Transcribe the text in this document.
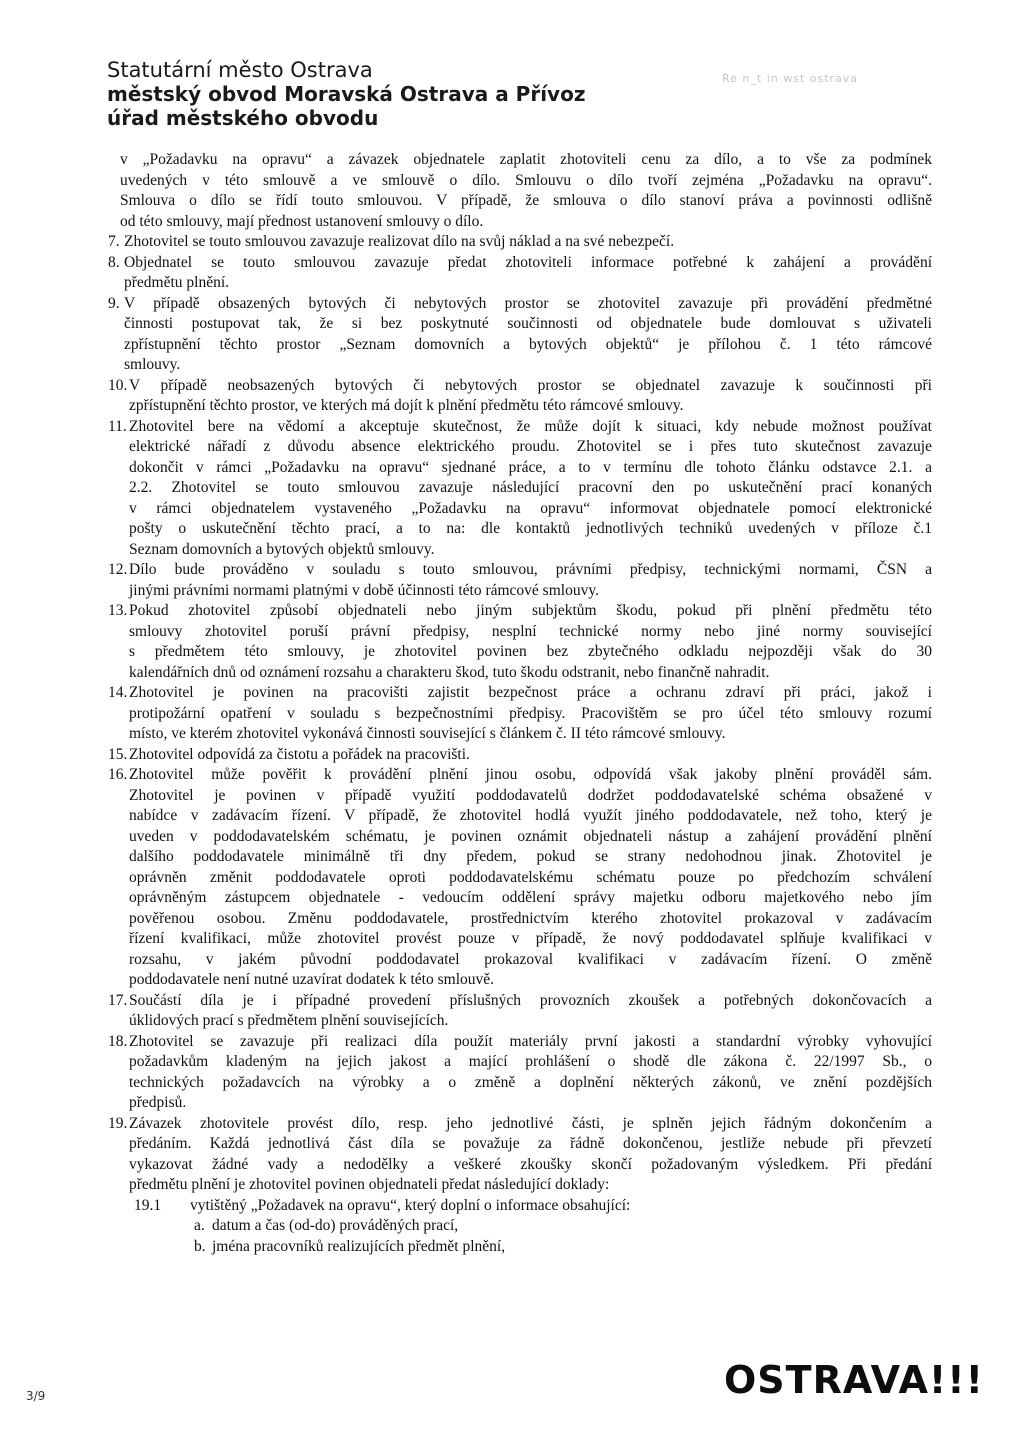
Statutární město Ostrava
městský obvod Moravská Ostrava a Přívoz
úřad městského obvodu
Re n_t in wst ostrava

v „Požadavku na opravu“ a závazek objednatele zaplatit zhotoviteli cenu za dílo, a to vše za podmínek

uvedených v této smlouvě a ve smlouvě o dílo. Smlouvu o dílo tvoří zejména „Požadavku na opravu“.

Smlouva o dílo se řídí touto smlouvou. V případě, že smlouva o dílo stanoví práva a povinnosti odlišně

od této smlouvy, mají přednost ustanovení smlouvy o dílo.

7. Zhotovitel se touto smlouvou zavazuje realizovat dílo na svůj náklad a na své nebezpečí.

8. Objednatel se touto smlouvou zavazuje předat zhotoviteli informace potřebné k zahájení a provádění

předmětu plnění.

9. V případě obsazených bytových či nebytových prostor se zhotovitel zavazuje při provádění předmětné

činnosti postupovat tak, že si bez poskytnuté součinnosti od objednatele bude domlouvat s uživateli

zpřístupnění těchto prostor „Seznam domovních a bytových objektů“ je přílohou č. 1 této rámcové

smlouvy.

10. V případě neobsazených bytových či nebytových prostor se objednatel zavazuje k součinnosti při

zpřístupnění těchto prostor, ve kterých má dojít k plnění předmětu této rámcové smlouvy.

11. Zhotovitel bere na vědomí a akceptuje skutečnost, že může dojít k situaci, kdy nebude možnost používat

elektrické nářadí z důvodu absence elektrického proudu. Zhotovitel se i přes tuto skutečnost zavazuje

dokončit v rámci „Požadavku na opravu“ sjednané práce, a to v termínu dle tohoto článku odstavce 2.1. a

2.2. Zhotovitel se touto smlouvou zavazuje následující pracovní den po uskutečnění prací konaných

v rámci objednatelem vystaveného „Požadavku na opravu“ informovat objednatele pomocí elektronické

pošty o uskutečnění těchto prací, a to na: dle kontaktů jednotlivých techniků uvedených v příloze č.1

Seznam domovních a bytových objektů smlouvy.

12. Dílo bude prováděno v souladu s touto smlouvou, právními předpisy, technickými normami, ČSN a

jinými právními normami platnými v době účinnosti této rámcové smlouvy.

13. Pokud zhotovitel způsobí objednateli nebo jiným subjektům škodu, pokud při plnění předmětu této

smlouvy zhotovitel poruší právní předpisy, nesplní technické normy nebo jiné normy související

s předmětem této smlouvy, je zhotovitel povinen bez zbytečného odkladu nejpozději však do 30

kalendářních dnů od oznámení rozsahu a charakteru škod, tuto škodu odstranit, nebo finančně nahradit.

14. Zhotovitel je povinen na pracovišti zajistit bezpečnost práce a ochranu zdraví při práci, jakož i

protipožární opatření v souladu s bezpečnostními předpisy. Pracovištěm se pro účel této smlouvy rozumí

místo, ve kterém zhotovitel vykonává činnosti související s článkem č. II této rámcové smlouvy.

15. Zhotovitel odpovídá za čistotu a pořádek na pracovišti.

16. Zhotovitel může pověřit k provádění plnění jinou osobu, odpovídá však jakoby plnění prováděl sám.

Zhotovitel je povinen v případě využití poddodavatelů dodržet poddodavatelské schéma obsažené v

nabídce v zadávacím řízení. V případě, že zhotovitel hodlá využít jiného poddodavatele, než toho, který je

uveden v poddodavatelském schématu, je povinen oznámit objednateli nástup a zahájení provádění plnění

dalšího poddodavatele minimálně tři dny předem, pokud se strany nedohodnou jinak. Zhotovitel je

oprávněn změnit poddodavatele oproti poddodavatelskému schématu pouze po předchozím schválení

oprávněným zástupcem objednatele - vedoucím oddělení správy majetku odboru majetkového nebo jím

pověřenou osobou. Změnu poddodavatele, prostřednictvím kterého zhotovitel prokazoval v zadávacím

řízení kvalifikaci, může zhotovitel provést pouze v případě, že nový poddodavatel splňuje kvalifikaci v

rozsahu, v jakém původní poddodavatel prokazoval kvalifikaci v zadávacím řízení. O změně

poddodavatele není nutné uzavírat dodatek k této smlouvě.

17. Součástí díla je i případné provedení příslušných provozních zkoušek a potřebných dokončovacích a

úklidových prací s předmětem plnění souvisejících.

18. Zhotovitel se zavazuje při realizaci díla použít materiály první jakosti a standardní výrobky vyhovující

požadavkům kladeným na jejich jakost a mající prohlášení o shodě dle zákona č. 22/1997 Sb., o

technických požadavcích na výrobky a o změně a doplnění některých zákonů, ve znění pozdějších

předpisů.

19. Závazek zhotovitele provést dílo, resp. jeho jednotlivé části, je splněn jejich řádným dokončením a

předáním. Každá jednotlivá část díla se považuje za řádně dokončenou, jestliže nebude při převzetí

vykazovat žádné vady a nedodělky a veškeré zkoušky skončí požadovaným výsledkem. Při předání

předmětu plnění je zhotovitel povinen objednateli předat následující doklady:

19.1	vytištěný „Požadavek na opravu“, který doplní o informace obsahující:
a. datum a čas (od-do) prováděných prací,
b. jména pracovníků realizujících předmět plnění,
3/9	OSTRAVA!!!
